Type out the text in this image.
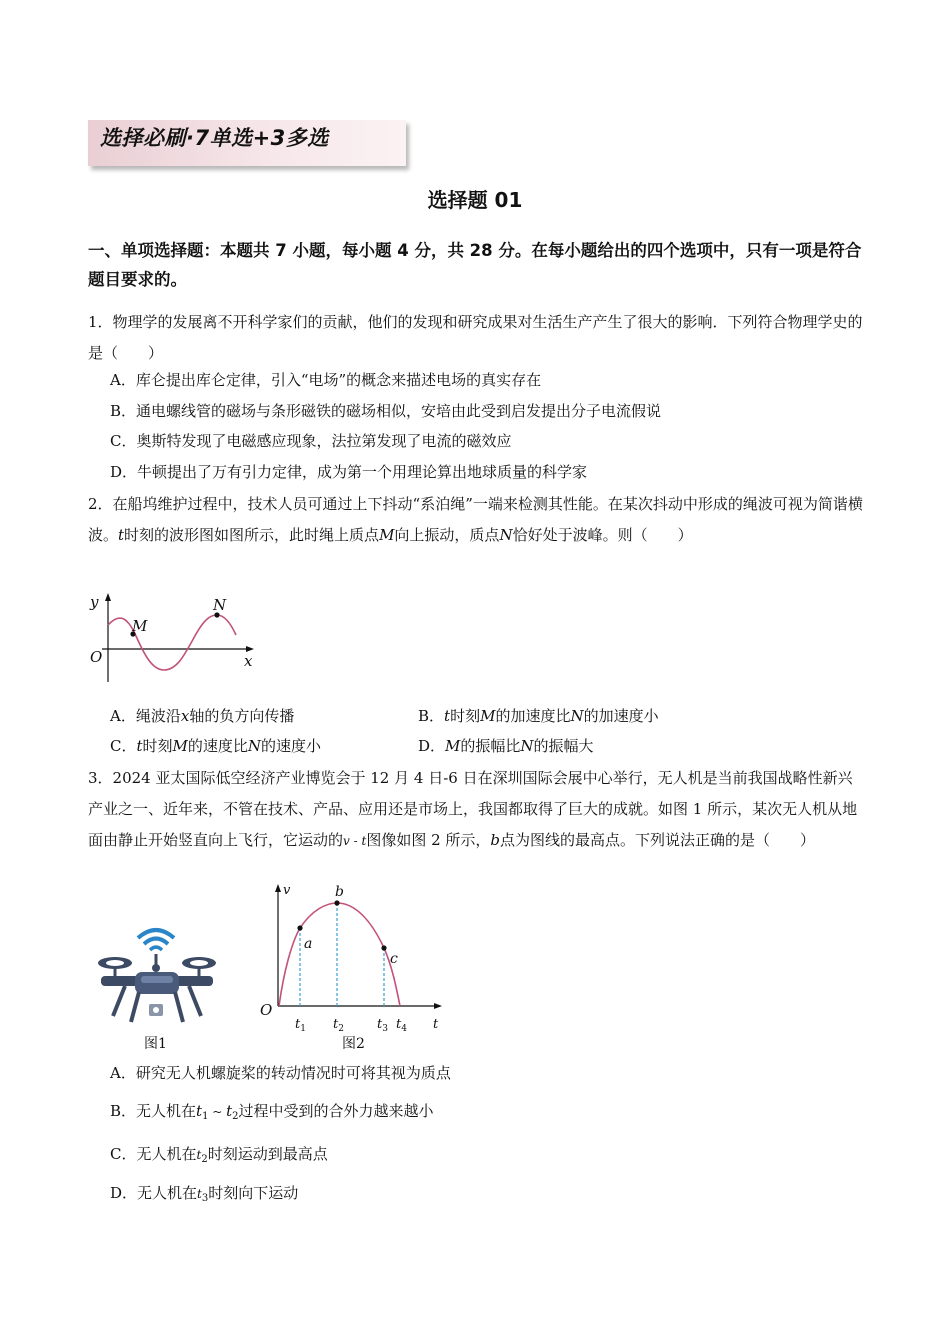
选择必刷·7单选+3多选
选择题 01
一、单项选择题：本题共 7 小题，每小题 4 分，共 28 分。在每小题给出的四个选项中，只有一项是符合题目要求的。
1．物理学的发展离不开科学家们的贡献，他们的发现和研究成果对生活生产产生了很大的影响．下列符合物理学史的是（　　）
A．库仑提出库仑定律，引入“电场”的概念来描述电场的真实存在
B．通电螺线管的磁场与条形磁铁的磁场相似，安培由此受到启发提出分子电流假说
C．奥斯特发现了电磁感应现象，法拉第发现了电流的磁效应
D．牛顿提出了万有引力定律，成为第一个用理论算出地球质量的科学家
2．在船坞维护过程中，技术人员可通过上下抖动“系泊绳”一端来检测其性能。在某次抖动中形成的绳波可视为简谐横波。t时刻的波形图如图所示，此时绳上质点M向上振动，质点N恰好处于波峰。则（　　）
y
x
O
M
N
A．绳波沿x轴的负方向传播	B．t时刻M的加速度比N的加速度小
C．t时刻M的速度比N的速度小	D．M的振幅比N的振幅大
3．2024 亚太国际低空经济产业博览会于 12 月 4 日-6 日在深圳国际会展中心举行，无人机是当前我国战略性新兴产业之一、近年来，不管在技术、产品、应用还是市场上，我国都取得了巨大的成就。如图 1 所示，某次无人机从地面由静止开始竖直向上飞行，它运动的v - t图像如图 2 所示，b点为图线的最高点。下列说法正确的是（　　）
图1
v
t
O
a
b
c
$t_1$ $t_2$	$t_3$ $t_4$
图2
A．研究无人机螺旋桨的转动情况时可将其视为质点
B．无人机在$t_1$ ~ $t_2$过程中受到的合外力越来越小
C．无人机在$t_2$时刻运动到最高点
D．无人机在$t_3$时刻向下运动
